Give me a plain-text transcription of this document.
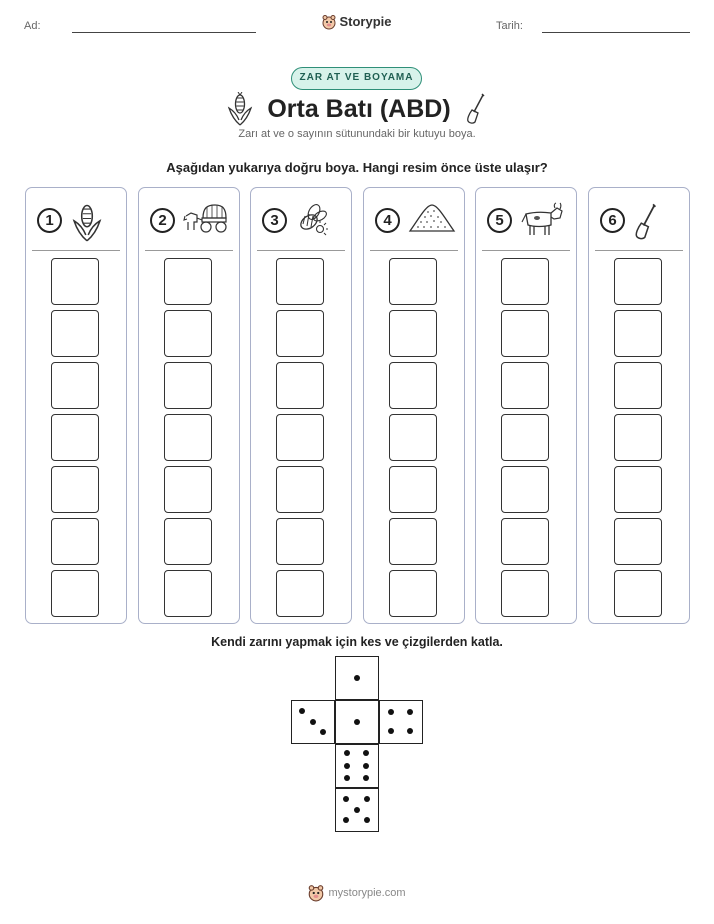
Ad:	Storypie	Tarih:
ZAR AT VE BOYAMA
Orta Batı (ABD)
Zarı at ve o sayının sütunundaki bir kutuyu boya.
Aşağıdan yukarıya doğru boya. Hangi resim önce üste ulaşır?
1	2	3	4	5	6
Kendi zarını yapmak için kes ve çizgilerden katla.
mystorypie.com
